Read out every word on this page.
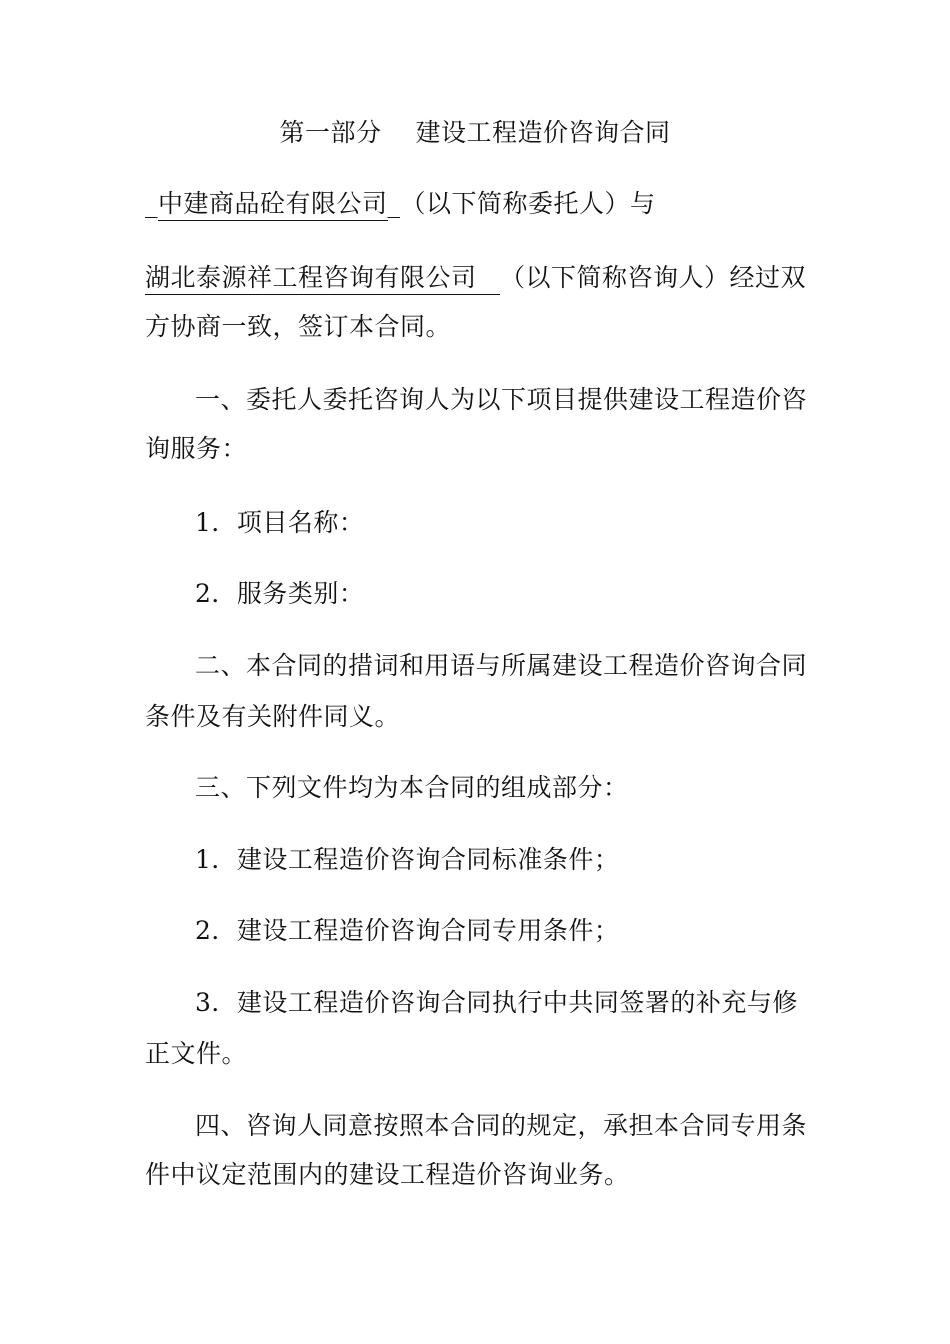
第一部分　 建设工程造价咨询合同
_中建商品砼有限公司_（以下简称委托人）与
湖北泰源祥工程咨询有限公司 （以下简称咨询人）经过双
方协商一致，签订本合同。
一、委托人委托咨询人为以下项目提供建设工程造价咨
询服务：
1．项目名称：
2．服务类别：
二、本合同的措词和用语与所属建设工程造价咨询合同
条件及有关附件同义。
三、下列文件均为本合同的组成部分：
1．建设工程造价咨询合同标准条件；
2．建设工程造价咨询合同专用条件；
3．建设工程造价咨询合同执行中共同签署的补充与修
正文件。
四、咨询人同意按照本合同的规定，承担本合同专用条
件中议定范围内的建设工程造价咨询业务。
